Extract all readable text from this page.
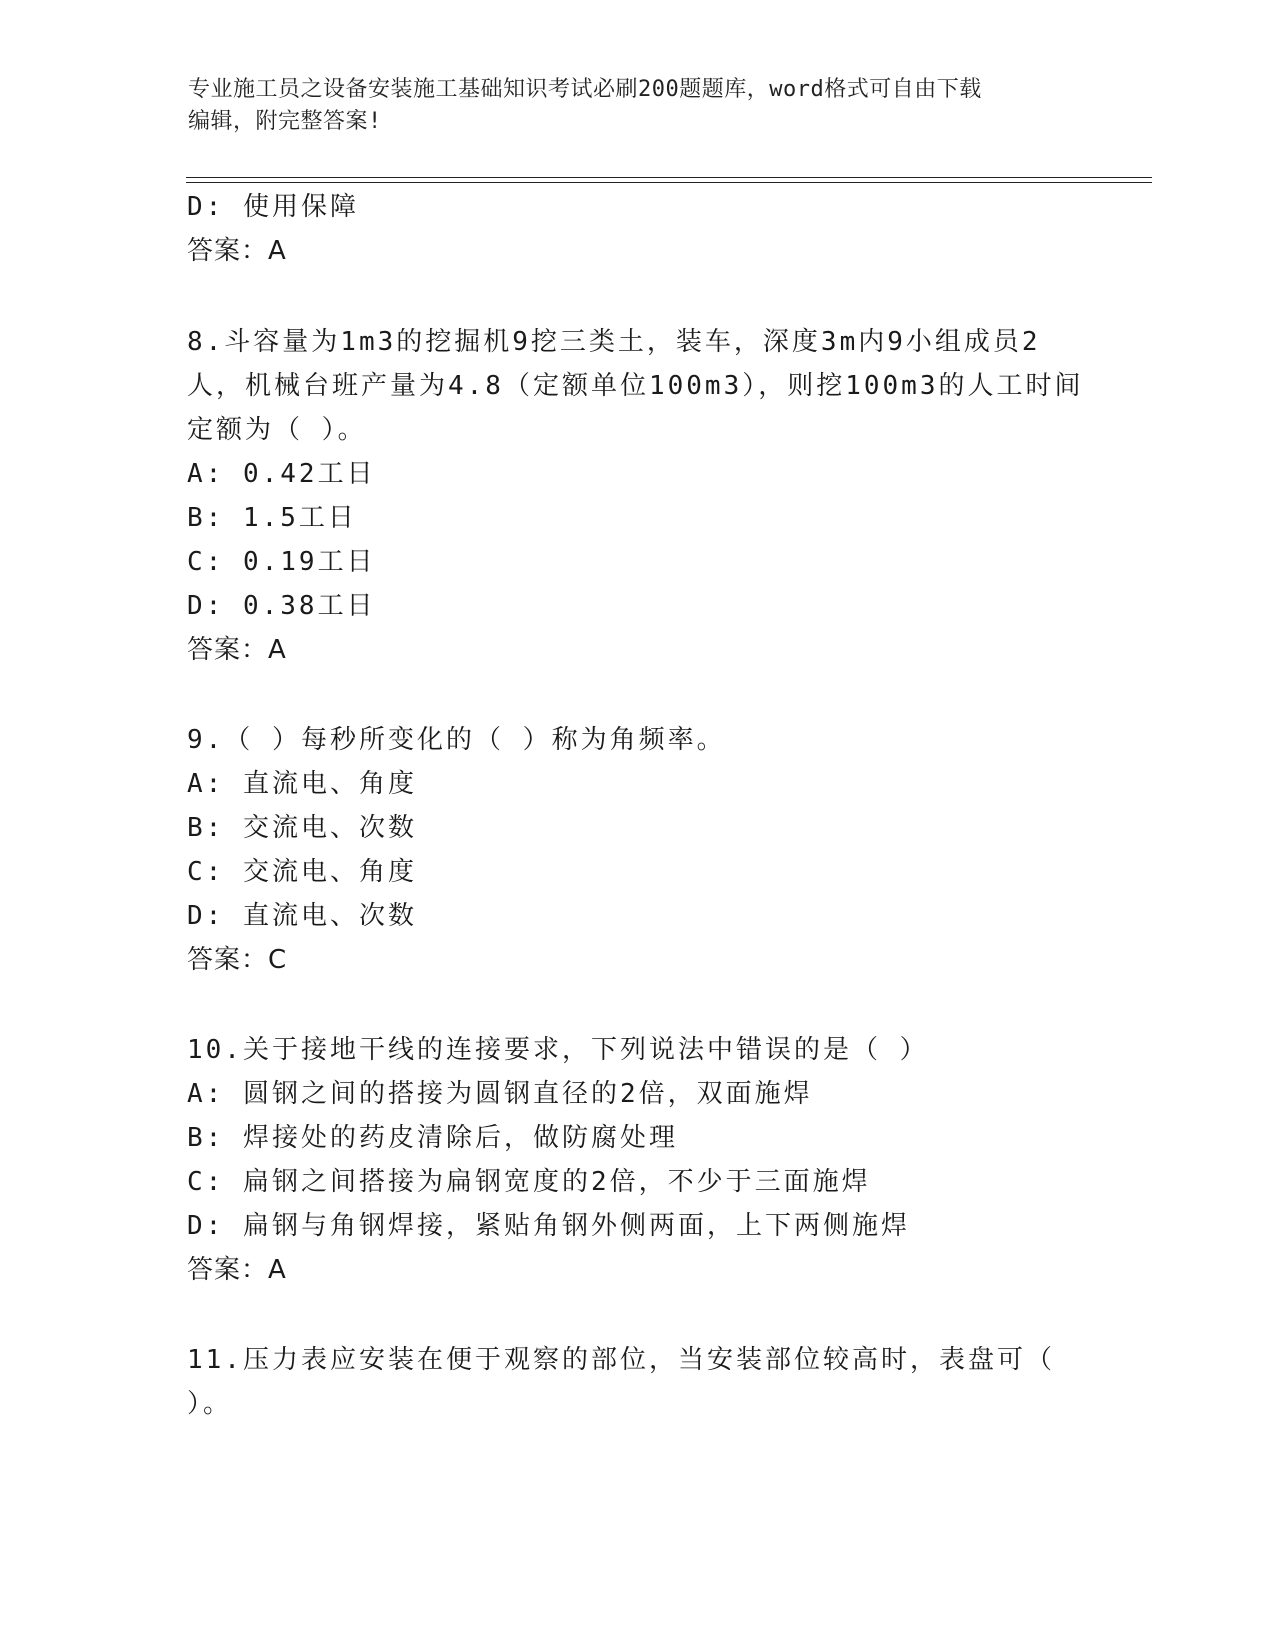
专业施工员之设备安装施工基础知识考试必刷200题题库，word格式可自由下载
编辑，附完整答案!
D: 使用保障
答案：A
8.斗容量为1m3的挖掘机9挖三类土，装车，深度3m内9小组成员2
人，机械台班产量为4.8（定额单位100m3），则挖100m3的人工时间
定额为（ ）。
A: 0.42工日
B: 1.5工日
C: 0.19工日
D: 0.38工日
答案：A
9.（ ）每秒所变化的（ ）称为角频率。
A: 直流电、角度
B: 交流电、次数
C: 交流电、角度
D: 直流电、次数
答案：C
10.关于接地干线的连接要求，下列说法中错误的是（ ）
A: 圆钢之间的搭接为圆钢直径的2倍，双面施焊
B: 焊接处的药皮清除后，做防腐处理
C: 扁钢之间搭接为扁钢宽度的2倍，不少于三面施焊
D: 扁钢与角钢焊接，紧贴角钢外侧两面，上下两侧施焊
答案：A
11.压力表应安装在便于观察的部位，当安装部位较高时，表盘可（
）。
